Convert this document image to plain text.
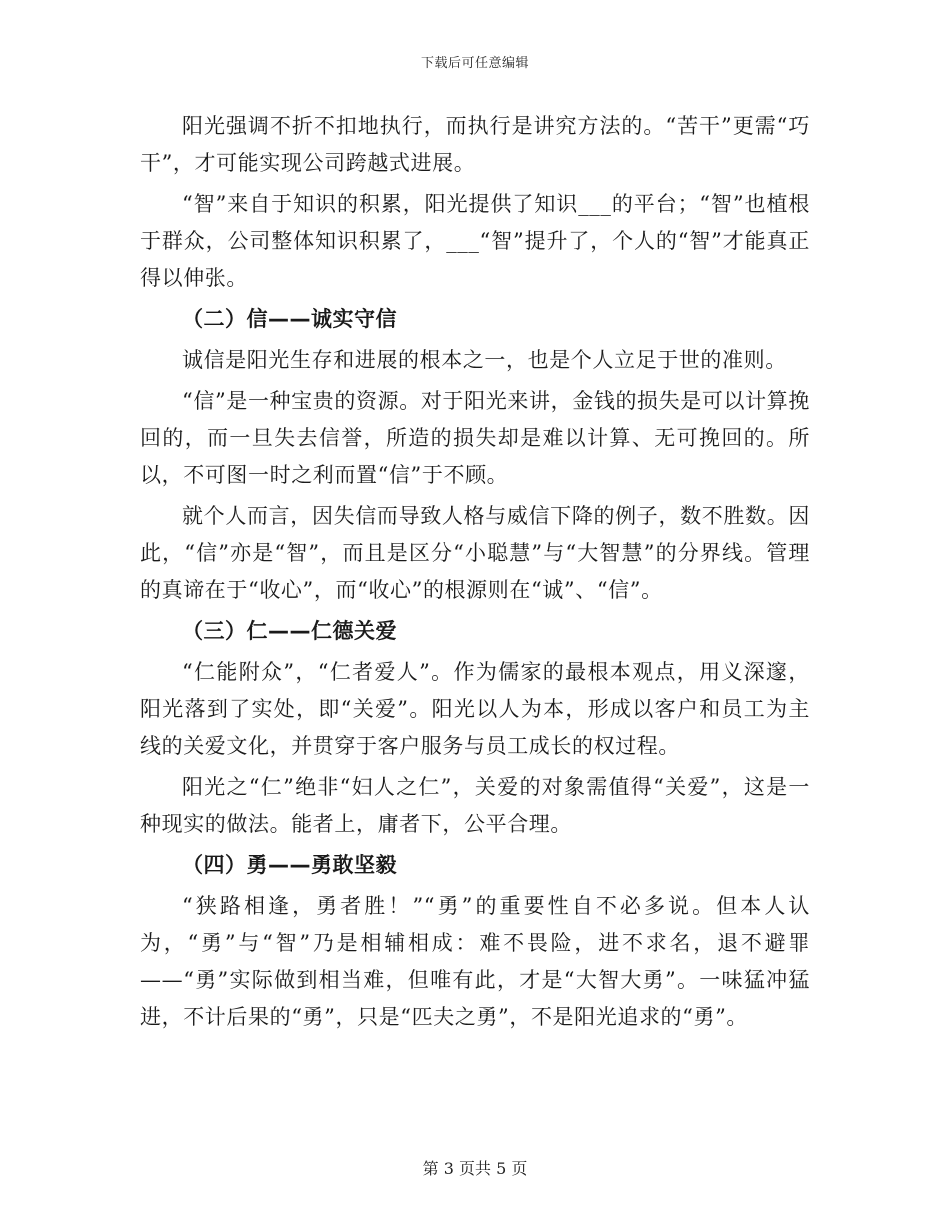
下载后可任意编辑

阳光强调不折不扣地执行，而执行是讲究方法的。“苦干”更需“巧干”，才可能实现公司跨越式进展。

“智”来自于知识的积累，阳光提供了知识___的平台；“智”也植根于群众，公司整体知识积累了，___“智”提升了，个人的“智”才能真正得以伸张。

（二）信——诚实守信

诚信是阳光生存和进展的根本之一，也是个人立足于世的准则。

“信”是一种宝贵的资源。对于阳光来讲，金钱的损失是可以计算挽回的，而一旦失去信誉，所造的损失却是难以计算、无可挽回的。所以，不可图一时之利而置“信”于不顾。

就个人而言，因失信而导致人格与威信下降的例子，数不胜数。因此，“信”亦是“智”，而且是区分“小聪慧”与“大智慧”的分界线。管理的真谛在于“收心”，而“收心”的根源则在“诚”、“信”。

（三）仁——仁德关爱

“仁能附众”，“仁者爱人”。作为儒家的最根本观点，用义深邃，阳光落到了实处，即“关爱”。阳光以人为本，形成以客户和员工为主线的关爱文化，并贯穿于客户服务与员工成长的权过程。

阳光之“仁”绝非“妇人之仁”，关爱的对象需值得“关爱”，这是一种现实的做法。能者上，庸者下，公平合理。

（四）勇——勇敢坚毅

“狭路相逢，勇者胜！”“勇”的重要性自不必多说。但本人认为，“勇”与“智”乃是相辅相成：难不畏险，进不求名，退不避罪——“勇”实际做到相当难，但唯有此，才是“大智大勇”。一味猛冲猛进，不计后果的“勇”，只是“匹夫之勇”，不是阳光追求的“勇”。

第 3 页共 5 页
